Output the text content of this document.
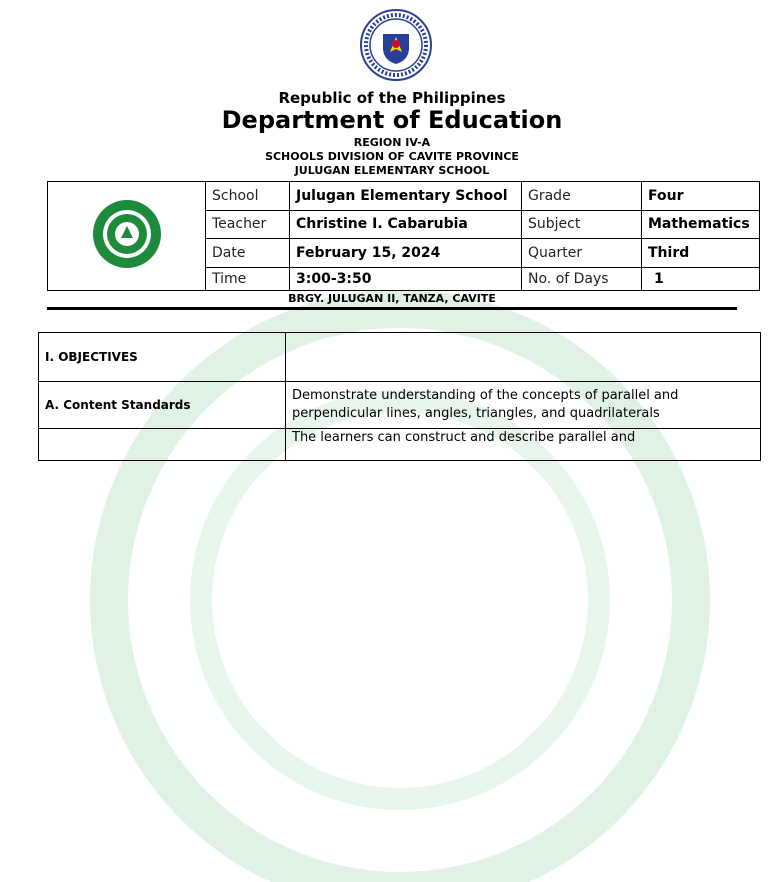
Republic of the Philippines
Department of Education
REGION IV-A
SCHOOLS DIVISION OF CAVITE PROVINCE
JULUGAN ELEMENTARY SCHOOL
	School	Julugan Elementary School	Grade	Four
	Teacher	Christine I. Cabarubia	Subject	Mathematics
	Date	February 15, 2024	Quarter	Third
	Time	3:00-3:50	No. of Days	1
BRGY. JULUGAN II, TANZA, CAVITE
I. OBJECTIVES	
A. Content Standards	Demonstrate understanding of the concepts of parallel and
perpendicular lines, angles, triangles, and quadrilaterals

	The learners can construct and describe parallel and
